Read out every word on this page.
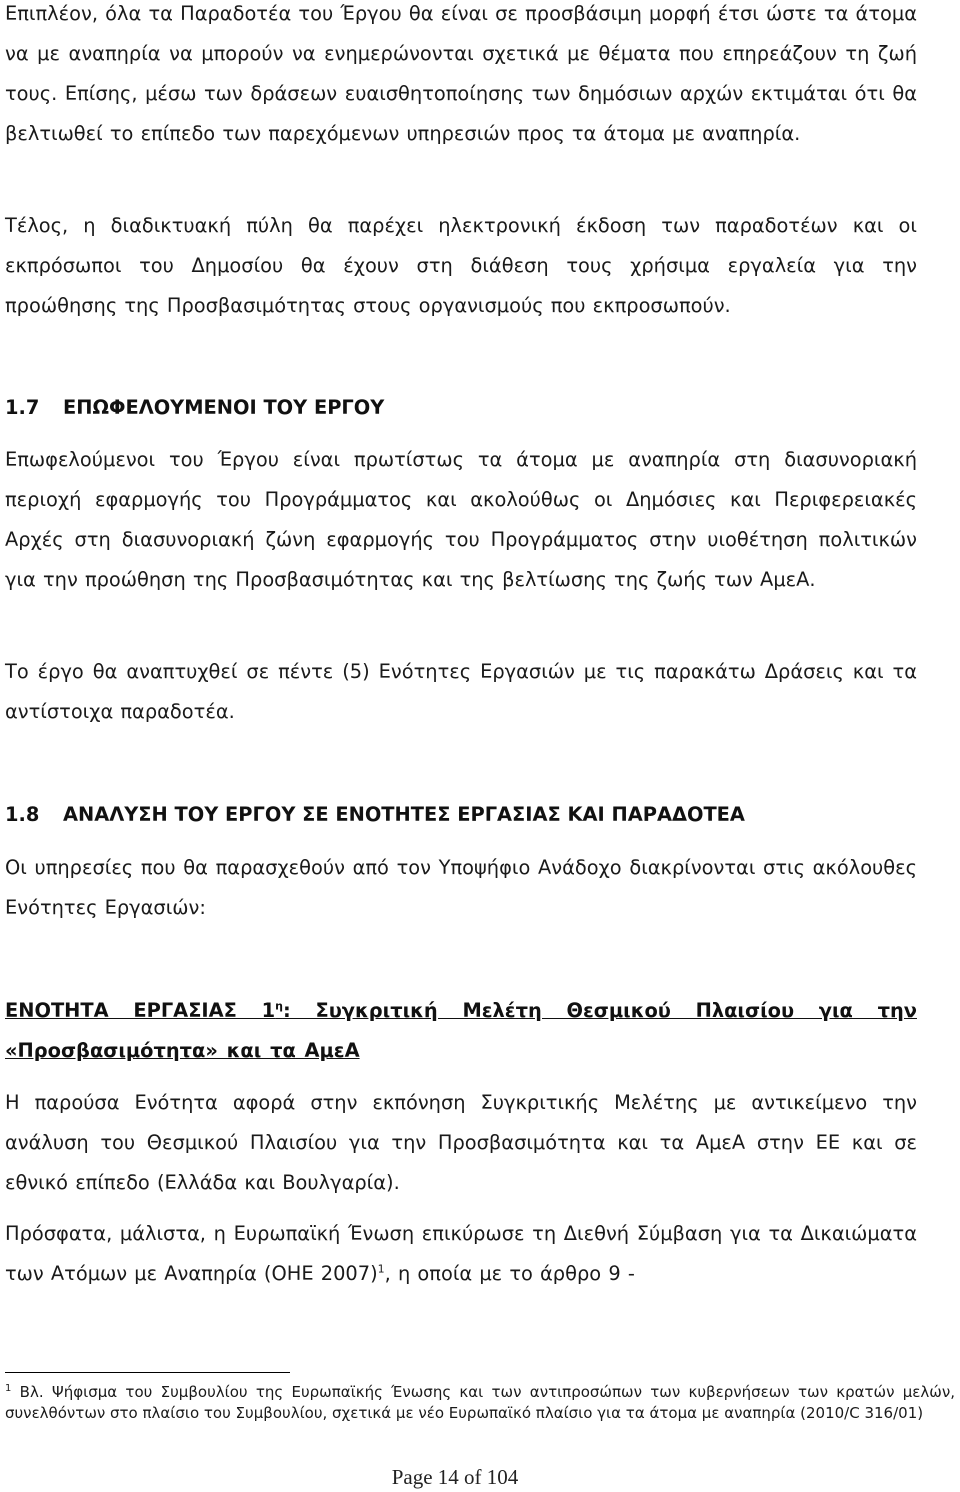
Επιπλέον, όλα τα Παραδοτέα του Έργου θα είναι σε προσβάσιμη μορφή έτσι ώστε τα άτομα να με αναπηρία να μπορούν να ενημερώνονται σχετικά με θέματα που επηρεάζουν τη ζωή τους. Επίσης, μέσω των δράσεων ευαισθητοποίησης των δημόσιων αρχών εκτιμάται ότι θα βελτιωθεί το επίπεδο των παρεχόμενων υπηρεσιών προς τα άτομα με αναπηρία.

Τέλος, η διαδικτυακή πύλη θα παρέχει ηλεκτρονική έκδοση των παραδοτέων και οι εκπρόσωποι του Δημοσίου θα έχουν στη διάθεση τους χρήσιμα εργαλεία για την προώθησης της Προσβασιμότητας στους οργανισμούς που εκπροσωπούν.

1.7 ΕΠΩΦΕΛΟΥΜΕΝΟΙ ΤΟΥ ΕΡΓΟΥ

Επωφελούμενοι του Έργου είναι πρωτίστως τα άτομα με αναπηρία στη διασυνοριακή περιοχή εφαρμογής του Προγράμματος και ακολούθως οι Δημόσιες και Περιφερειακές Αρχές στη διασυνοριακή ζώνη εφαρμογής του Προγράμματος στην υιοθέτηση πολιτικών για την προώθηση της Προσβασιμότητας και της βελτίωσης της ζωής των ΑμεΑ.

Το έργο θα αναπτυχθεί σε πέντε (5) Ενότητες Εργασιών με τις παρακάτω Δράσεις και τα αντίστοιχα παραδοτέα.

1.8 ΑΝΑΛΥΣΗ ΤΟΥ ΕΡΓΟΥ ΣΕ ΕΝΟΤΗΤΕΣ ΕΡΓΑΣΙΑΣ ΚΑΙ ΠΑΡΑΔΟΤΕΑ

Οι υπηρεσίες που θα παρασχεθούν από τον Υποψήφιο Ανάδοχο διακρίνονται στις ακόλουθες Ενότητες Εργασιών:

ΕΝΟΤΗΤΑ ΕΡΓΑΣΙΑΣ $1^\eta$: Συγκριτική Μελέτη Θεσμικού Πλαισίου για την «Προσβασιμότητα» και τα ΑμεΑ

Η παρούσα Ενότητα αφορά στην εκπόνηση Συγκριτικής Μελέτης με αντικείμενο την ανάλυση του Θεσμικού Πλαισίου για την Προσβασιμότητα και τα ΑμεΑ στην ΕΕ και σε εθνικό επίπεδο (Ελλάδα και Βουλγαρία).

Πρόσφατα, μάλιστα, η Ευρωπαϊκή Ένωση επικύρωσε τη Διεθνή Σύμβαση για τα Δικαιώματα των Ατόμων με Αναπηρία (ΟΗΕ 2007)$^1$, η οποία με το άρθρο 9 -

$^1$ Βλ. Ψήφισμα του Συμβουλίου της Ευρωπαϊκής Ένωσης και των αντιπροσώπων των κυβερνήσεων των κρατών μελών, συνελθόντων στο πλαίσιο του Συμβουλίου, σχετικά με νέο Ευρωπαϊκό πλαίσιο για τα άτομα με αναπηρία (2010/C 316/01)

Page 14 of 104
